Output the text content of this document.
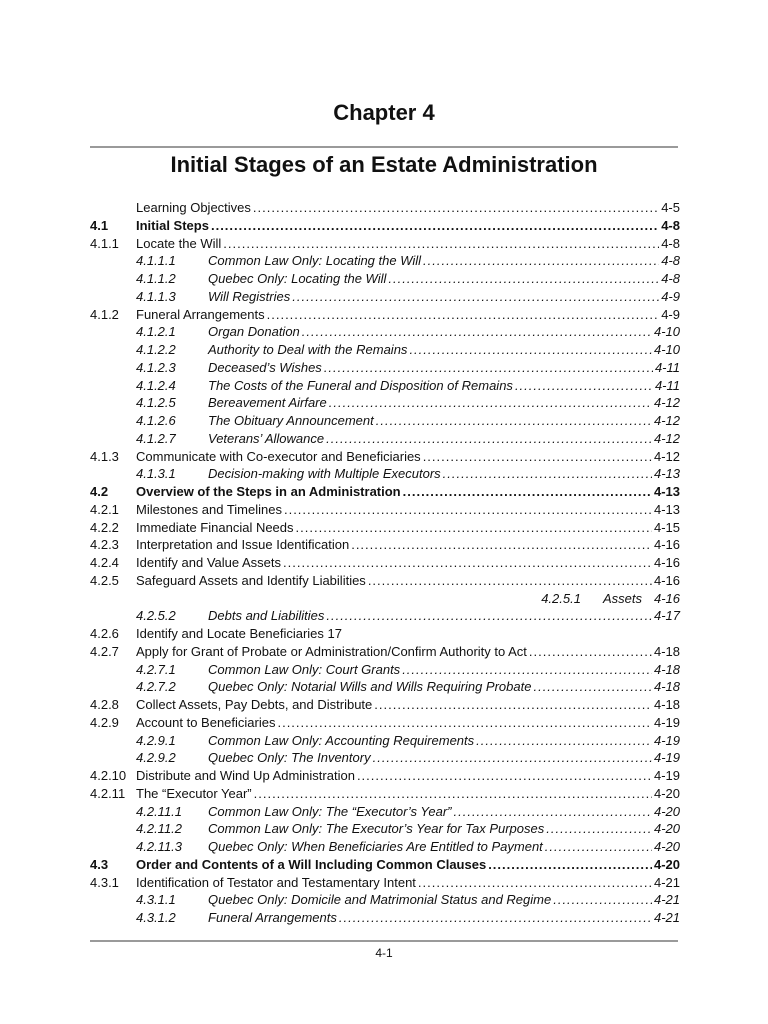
Chapter 4
Initial Stages of an Estate Administration
Learning Objectives .....	4-5
4.1	Initial Steps .....	4-8
4.1.1	Locate the Will .....	4-8
4.1.1.1	Common Law Only: Locating the Will .....	4-8
4.1.1.2	Quebec Only: Locating the Will .....	4-8
4.1.1.3	Will Registries .....	4-9
4.1.2	Funeral Arrangements .....	4-9
4.1.2.1	Organ Donation .....	4-10
4.1.2.2	Authority to Deal with the Remains .....	4-10
4.1.2.3	Deceased’s Wishes .....	4-11
4.1.2.4	The Costs of the Funeral and Disposition of Remains .....	4-11
4.1.2.5	Bereavement Airfare .....	4-12
4.1.2.6	The Obituary Announcement .....	4-12
4.1.2.7	Veterans’ Allowance .....	4-12
4.1.3	Communicate with Co-executor and Beneficiaries .....	4-12
4.1.3.1	Decision-making with Multiple Executors .....	4-13
4.2	Overview of the Steps in an Administration .....	4-13
4.2.1	Milestones and Timelines .....	4-13
4.2.2	Immediate Financial Needs .....	4-15
4.2.3	Interpretation and Issue Identification .....	4-16
4.2.4	Identify and Value Assets .....	4-16
4.2.5	Safeguard Assets and Identify Liabilities .....	4-16
4.2.5.1 Assets 4-16
4.2.5.2	Debts and Liabilities .....	4-17
4.2.6	Identify and Locate Beneficiaries 17
4.2.7	Apply for Grant of Probate or Administration/Confirm Authority to Act .....	4-18
4.2.7.1	Common Law Only: Court Grants .....	4-18
4.2.7.2	Quebec Only: Notarial Wills and Wills Requiring Probate .....	4-18
4.2.8	Collect Assets, Pay Debts, and Distribute .....	4-18
4.2.9	Account to Beneficiaries .....	4-19
4.2.9.1	Common Law Only: Accounting Requirements .....	4-19
4.2.9.2	Quebec Only: The Inventory .....	4-19
4.2.10 Distribute and Wind Up Administration .....	4-19
4.2.11 The “Executor Year” .....	4-20
4.2.11.1	Common Law Only: The “Executor’s Year” .....	4-20
4.2.11.2	Common Law Only: The Executor’s Year for Tax Purposes .....	4-20
4.2.11.3	Quebec Only: When Beneficiaries Are Entitled to Payment .....	4-20
4.3	Order and Contents of a Will Including Common Clauses .....	4-20
4.3.1	Identification of Testator and Testamentary Intent .....	4-21
4.3.1.1	Quebec Only: Domicile and Matrimonial Status and Regime .....	4-21
4.3.1.2	Funeral Arrangements .....	4-21
4-1
